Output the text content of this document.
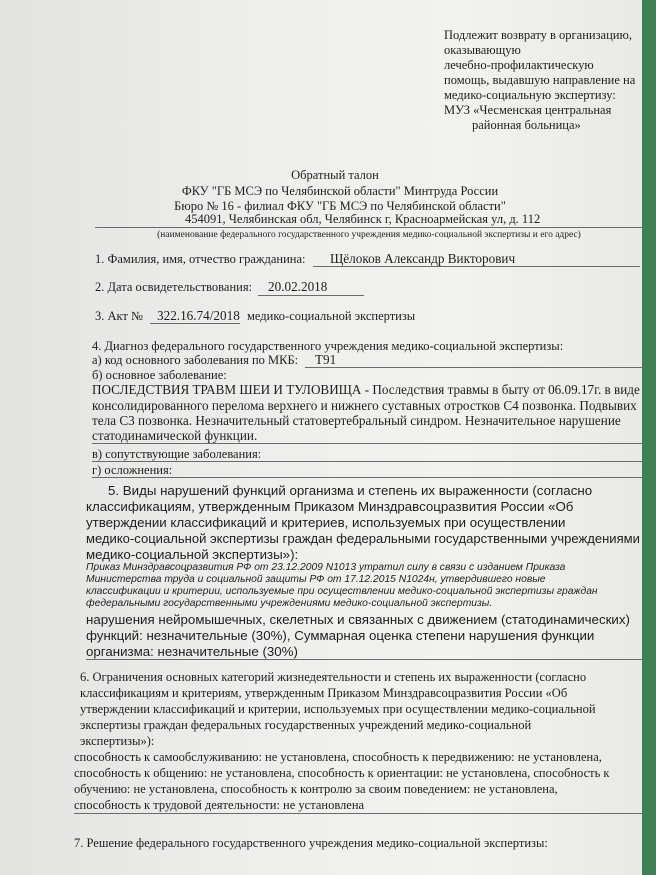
Подлежит возврату в организацию,
оказывающую
лечебно-профилактическую
помощь, выдавшую направление на
медико-социальную экспертизу:
МУЗ «Чесменская центральная
районная больница»
Обратный талон
ФКУ "ГБ МСЭ по Челябинской области" Минтруда России
Бюро № 16 - филиал ФКУ "ГБ МСЭ по Челябинской области"
454091, Челябинская обл, Челябинск г, Красноармейская ул, д. 112
(наименование федерального государственного учреждения медико-социальной экспертизы и его адрес)
1. Фамилия, имя, отчество гражданина: Щёлоков Александр Викторович
2. Дата освидетельствования: 20.02.2018
3. Акт № 322.16.74/2018 медико-социальной экспертизы
4. Диагноз федерального государственного учреждения медико-социальной экспертизы:
а) код основного заболевания по МКБ: Т91
б) основное заболевание:
ПОСЛЕДСТВИЯ ТРАВМ ШЕИ И ТУЛОВИЩА - Последствия травмы в быту от 06.09.17г. в виде
консолидированного перелома верхнего и нижнего суставных отростков С4 позвонка. Подвывих
тела С3 позвонка. Незначительный статовертебральный синдром. Незначительное нарушение
статодинамической функции.
в) сопутствующие заболевания:
г) осложнения:
5. Виды нарушений функций организма и степень их выраженности (согласно
классификациям, утвержденным Приказом Минздравсоцразвития России «Об
утверждении классификаций и критериев, используемых при осуществлении
медико-социальной экспертизы граждан федеральными государственными учреждениями
медико-социальной экспертизы»):
Приказ Минздравсоцразвития РФ от 23.12.2009 N1013 утратил силу в связи с изданием Приказа
Министерства труда и социальной защиты РФ от 17.12.2015 N1024н, утвердившего новые
классификации и критерии, используемые при осуществлении медико-социальной экспертизы граждан
федеральными государственными учреждениями медико-социальной экспертизы.
нарушения нейромышечных, скелетных и связанных с движением (статодинамических)
функций: незначительные (30%), Суммарная оценка степени нарушения функции
организма: незначительные (30%)
6. Ограничения основных категорий жизнедеятельности и степень их выраженности (согласно
классификациям и критериям, утвержденным Приказом Минздравсоцразвития России «Об
утверждении классификаций и критерии, используемых при осуществлении медико-социальной
экспертизы граждан федеральных государственных учреждений медико-социальной
экспертизы»):
способность к самообслуживанию: не установлена, способность к передвижению: не установлена,
способность к общению: не установлена, способность к ориентации: не установлена, способность к
обучению: не установлена, способность к контролю за своим поведением: не установлена,
способность к трудовой деятельности: не установлена
7. Решение федерального государственного учреждения медико-социальной экспертизы:
